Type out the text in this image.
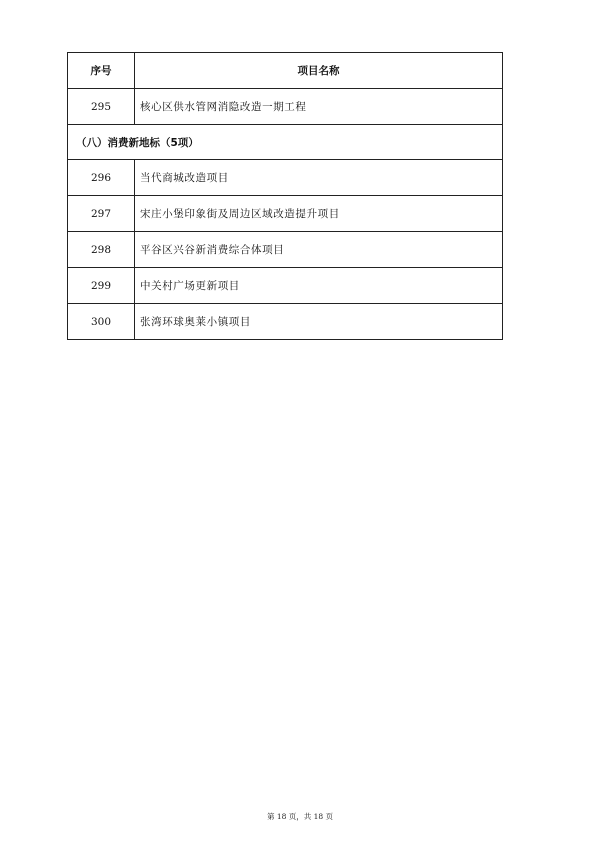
序号	项目名称
295	核心区供水管网消隐改造一期工程
（八）消费新地标（5项）	
296	当代商城改造项目
297	宋庄小堡印象街及周边区域改造提升项目
298	平谷区兴谷新消费综合体项目
299	中关村广场更新项目
300	张湾环球奥莱小镇项目
第 18 页，共 18 页
